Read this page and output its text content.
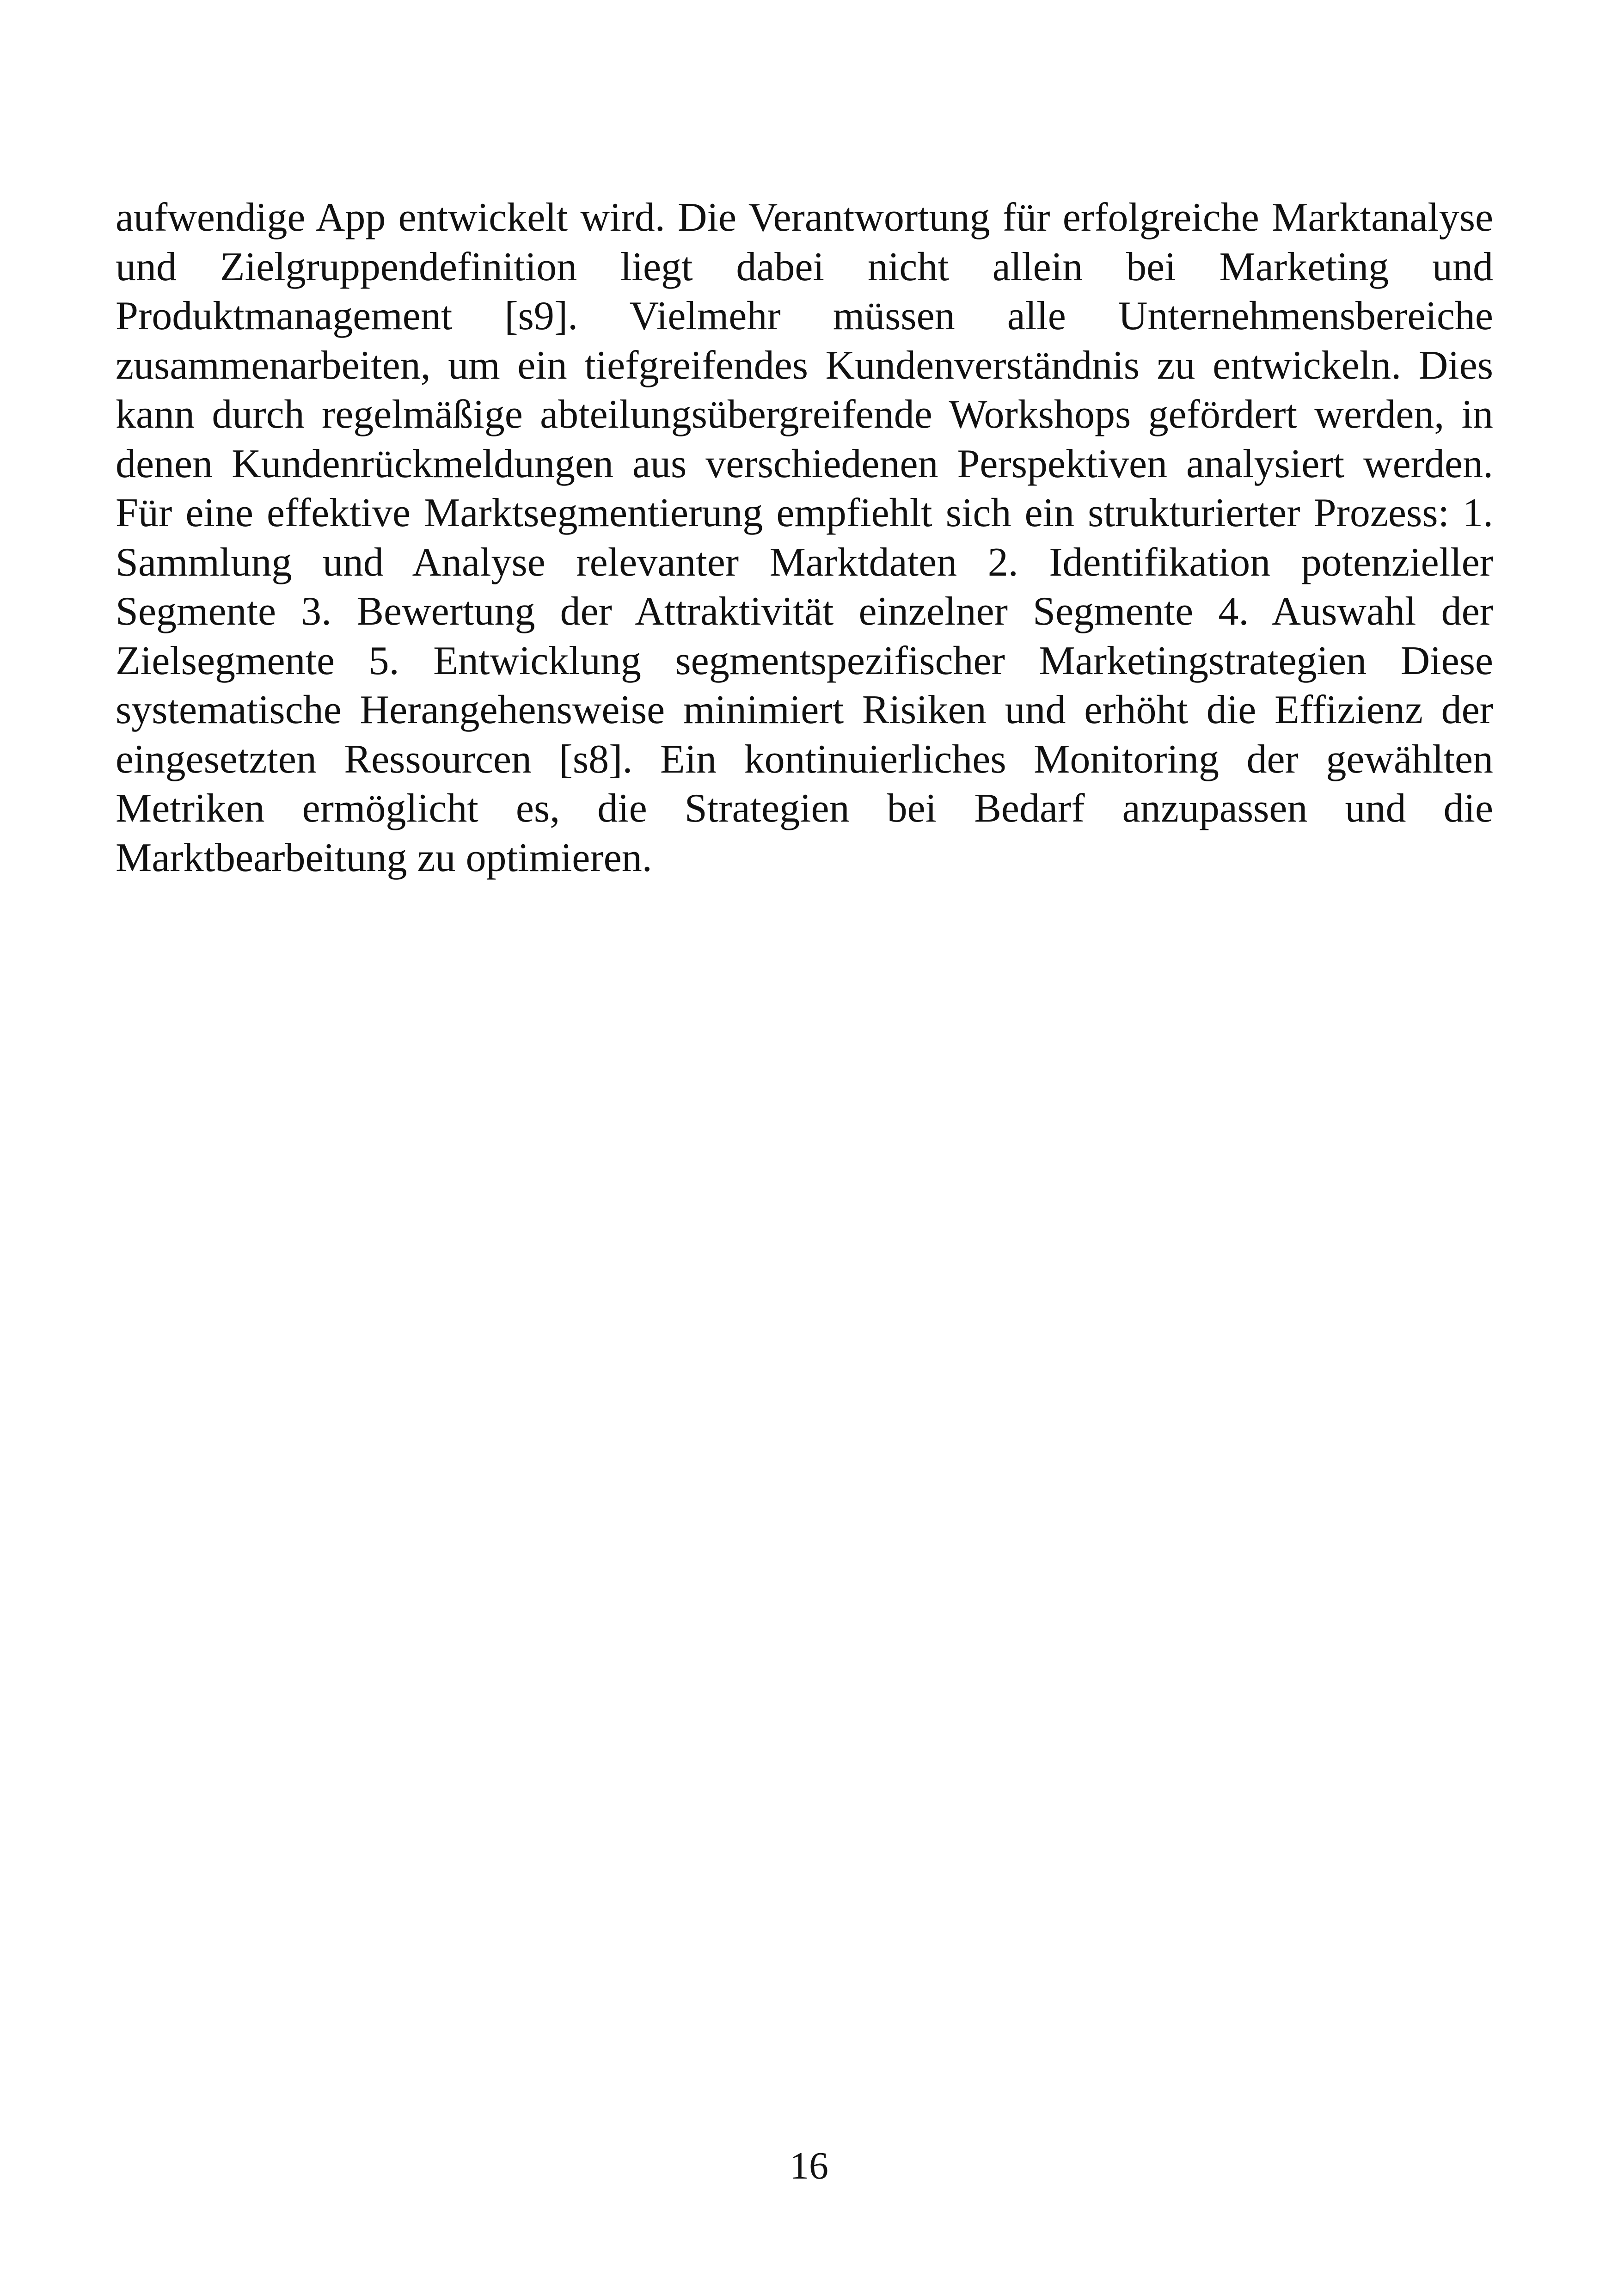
aufwendige App entwickelt wird. Die Verantwortung für erfolgreiche Marktanalyse und Zielgruppendefinition liegt dabei nicht allein bei Marketing und Produktmanagement [s9]. Vielmehr müssen alle Unternehmensbereiche zusammenarbeiten, um ein tiefgreifendes Kundenverständnis zu entwickeln. Dies kann durch regelmäßige abteilungsübergreifende Workshops gefördert werden, in denen Kundenrückmeldungen aus verschiedenen Perspektiven analysiert werden. Für eine effektive Marktsegmentierung empfiehlt sich ein strukturierter Prozess: 1. Sammlung und Analyse relevanter Marktdaten 2. Identifikation potenzieller Segmente 3. Bewertung der Attraktivität einzelner Segmente 4. Auswahl der Zielsegmente 5. Entwicklung segmentspezifischer Marketingstrategien Diese systematische Herangehensweise minimiert Risiken und erhöht die Effizienz der eingesetzten Ressourcen [s8]. Ein kontinuierliches Monitoring der gewählten Metriken ermöglicht es, die Strategien bei Bedarf anzupassen und die Marktbearbeitung zu optimieren.

16
